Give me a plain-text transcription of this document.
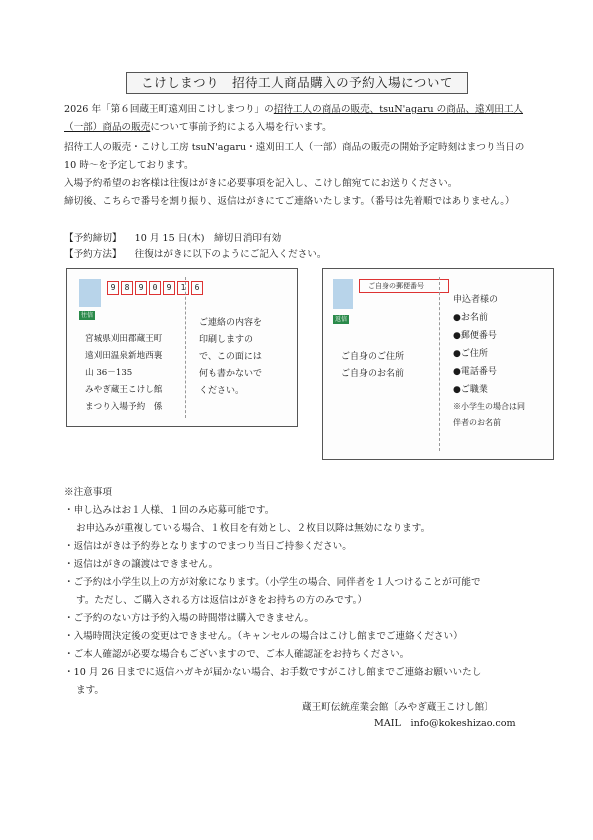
こけしまつり　招待工人商品購入の予約入場について

2026 年「第６回蔵王町遠刈田こけしまつり」の招待工人の商品の販売、tsuN'agaru の商品、遠刈田工人（一部）商品の販売について事前予約による入場を行います。

招待工人の販売・こけし工房 tsuN'agaru・遠刈田工人（一部）商品の販売の開始予定時刻はまつり当日の 10 時～を予定しております。

入場予約希望のお客様は往復はがきに必要事項を記入し、こけし館宛てにお送りください。

締切後、こちらで番号を割り振り、返信はがきにてご連絡いたします。（番号は先着順ではありません。）

【予約締切】 10 月 15 日(木)　締切日消印有効
【予約方法】 往復はがきに以下のようにご記入ください。
9	8	9	0	9	1	6
往信
宮城県刈田郡蔵王町
遠刈田温泉新地西裏
山 36－135
みやぎ蔵王こけし館
まつり入場予約　係
ご連絡の内容を
印刷しますの
で、この面には
何も書かないで
ください。
ご自身の郵便番号
返信
ご自身のご住所
ご自身のお名前
申込者様の
●お名前
●郵便番号
●ご住所
●電話番号
●ご職業
※小学生の場合は同
伴者のお名前
※注意事項
・申し込みはお１人様、１回のみ応募可能です。
お申込みが重複している場合、１枚目を有効とし、２枚目以降は無効になります。
・返信はがきは予約券となりますのでまつり当日ご持参ください。
・返信はがきの譲渡はできません。
・ご予約は小学生以上の方が対象になります。（小学生の場合、同伴者を１人つけることが可能で
す。ただし、ご購入される方は返信はがきをお持ちの方のみです。）
・ご予約のない方は予約入場の時間帯は購入できません。
・入場時間決定後の変更はできません。（キャンセルの場合はこけし館までご連絡ください）
・ご本人確認が必要な場合もございますので、ご本人確認証をお持ちください。
・10 月 26 日までに返信ハガキが届かない場合、お手数ですがこけし館までご連絡お願いいたし
ます。
蔵王町伝統産業会館〔みやぎ蔵王こけし館〕
MAIL　info@kokeshizao.com
